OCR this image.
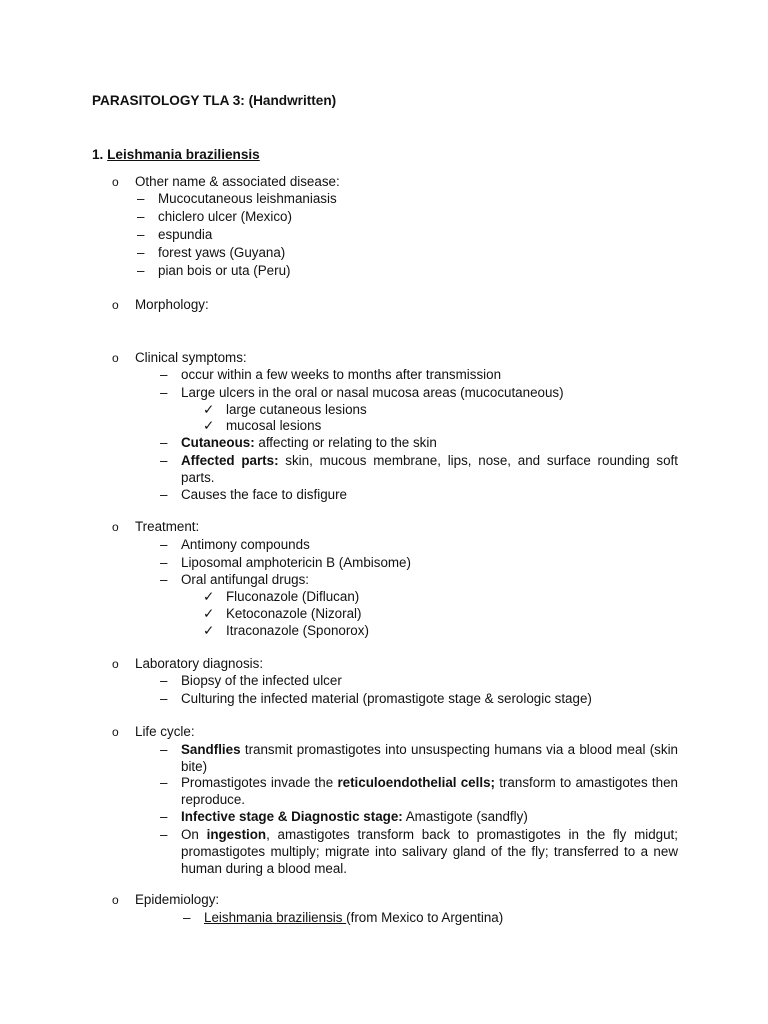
PARASITOLOGY TLA 3: (Handwritten)
1. Leishmania braziliensis
o Other name & associated disease:
– Mucocutaneous leishmaniasis
– chiclero ulcer (Mexico)
– espundia
– forest yaws (Guyana)
– pian bois or uta (Peru)
o Morphology:
o Clinical symptoms:
– occur within a few weeks to months after transmission
– Large ulcers in the oral or nasal mucosa areas (mucocutaneous)
✓ large cutaneous lesions
✓ mucosal lesions
– Cutaneous: affecting or relating to the skin
– Affected parts: skin, mucous membrane, lips, nose, and surface rounding soft parts.
– Causes the face to disfigure
o Treatment:
– Antimony compounds
– Liposomal amphotericin B (Ambisome)
– Oral antifungal drugs:
✓ Fluconazole (Diflucan)
✓ Ketoconazole (Nizoral)
✓ Itraconazole (Sponorox)
o Laboratory diagnosis:
– Biopsy of the infected ulcer
– Culturing the infected material (promastigote stage & serologic stage)
o Life cycle:
– Sandflies transmit promastigotes into unsuspecting humans via a blood meal (skin bite)
– Promastigotes invade the reticuloendothelial cells; transform to amastigotes then reproduce.
– Infective stage & Diagnostic stage: Amastigote (sandfly)
– On ingestion, amastigotes transform back to promastigotes in the fly midgut; promastigotes multiply; migrate into salivary gland of the fly; transferred to a new human during a blood meal.
o Epidemiology:
– Leishmania braziliensis (from Mexico to Argentina)
